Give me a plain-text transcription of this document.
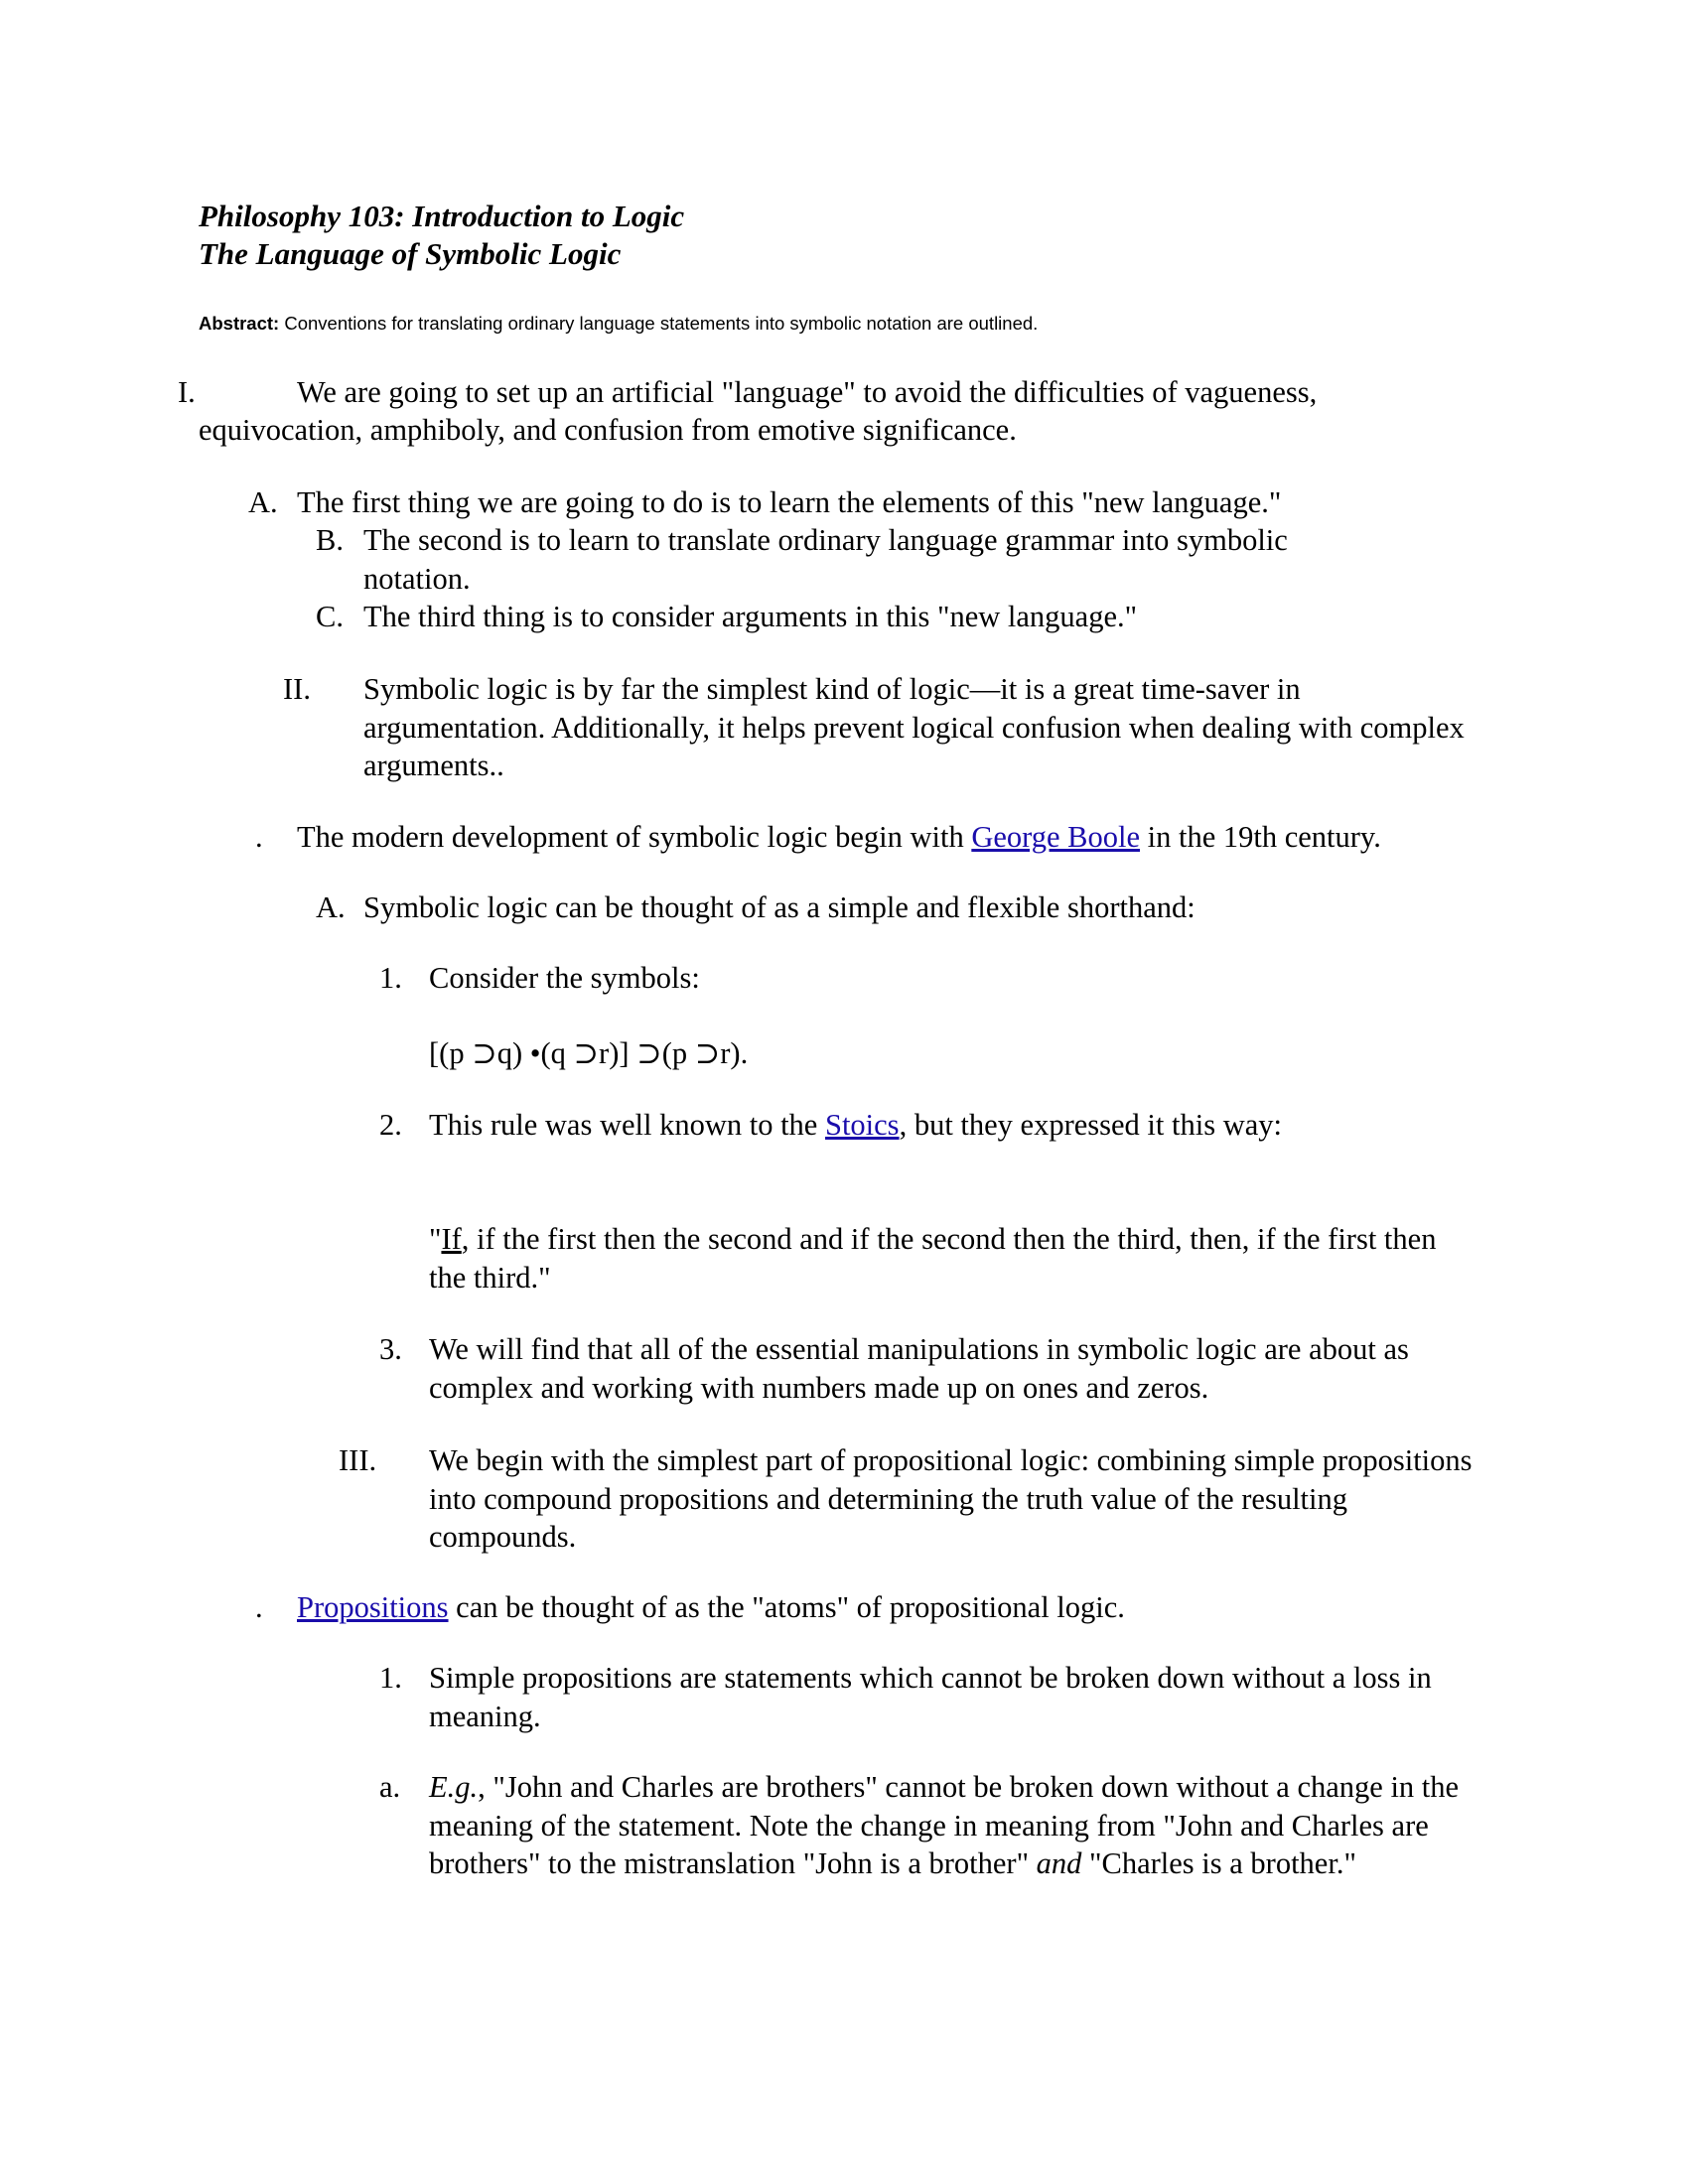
Philosophy 103: Introduction to Logic
The Language of Symbolic Logic
Abstract: Conventions for translating ordinary language statements into symbolic notation are outlined.
I.	We are going to set up an artificial "language" to avoid the difficulties of vagueness,
equivocation, amphiboly, and confusion from emotive significance.
A. The first thing we are going to do is to learn the elements of this "new language."
B. The second is to learn to translate ordinary language grammar into symbolic notation.
C. The third thing is to consider arguments in this "new language."
II. Symbolic logic is by far the simplest kind of logic—it is a great time-saver in argumentation. Additionally, it helps prevent logical confusion when dealing with complex arguments..
. The modern development of symbolic logic begin with George Boole in the 19th century.
A. Symbolic logic can be thought of as a simple and flexible shorthand:
1. Consider the symbols:
[(p ⊃q) •(q ⊃r)] ⊃(p ⊃r).
2. This rule was well known to the Stoics, but they expressed it this way:
"If, if the first then the second and if the second then the third, then, if the first then the third."
3. We will find that all of the essential manipulations in symbolic logic are about as complex and working with numbers made up on ones and zeros.
III. We begin with the simplest part of propositional logic: combining simple propositions into compound propositions and determining the truth value of the resulting compounds.
. Propositions can be thought of as the "atoms" of propositional logic.
1. Simple propositions are statements which cannot be broken down without a loss in meaning.
a. E.g., "John and Charles are brothers" cannot be broken down without a change in the meaning of the statement. Note the change in meaning from "John and Charles are brothers" to the mistranslation "John is a brother" and "Charles is a brother."
